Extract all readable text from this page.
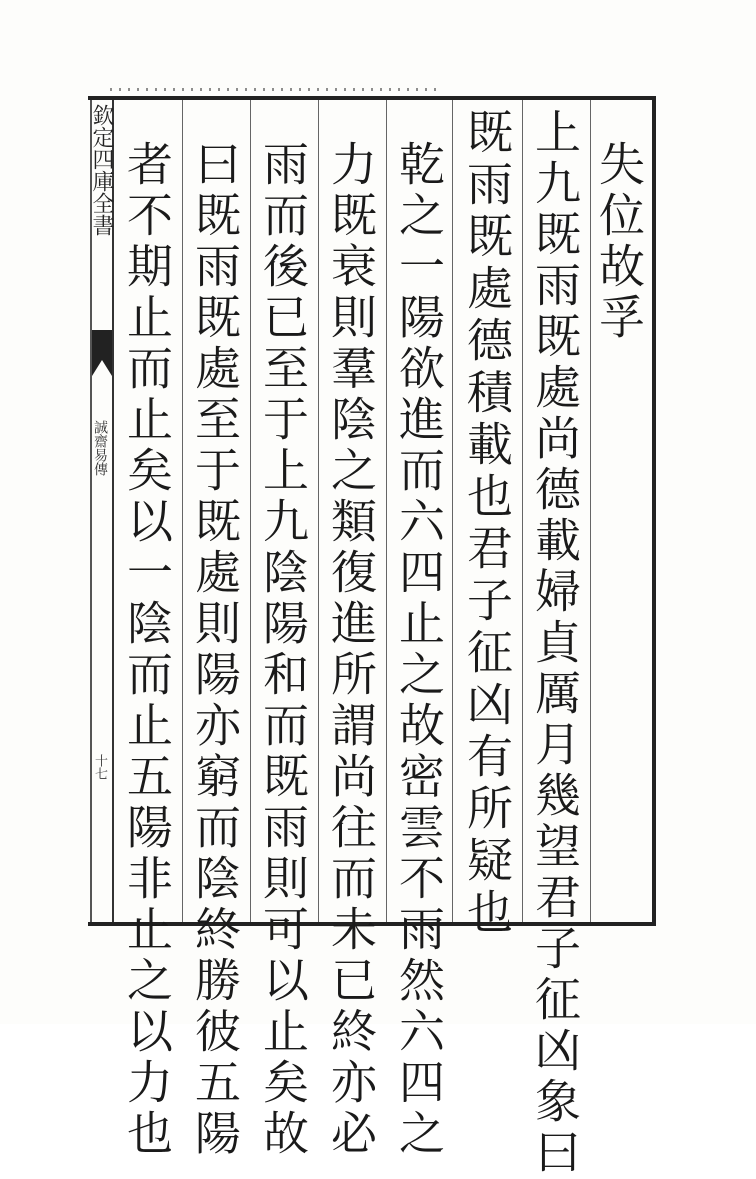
欽定四庫全書
誠齋易傳
十七
失位故孚
上九既雨既處尚德載婦貞厲月幾望君子征凶象曰
既雨既處德積載也君子征凶有所疑也
乾之一陽欲進而六四止之故密雲不雨然六四之
力既衰則羣陰之類復進所謂尚往而未已終亦必
雨而後已至于上九陰陽和而既雨則可以止矣故
曰既雨既處至于既處則陽亦窮而陰終勝彼五陽
者不期止而止矣以一陰而止五陽非止之以力也
